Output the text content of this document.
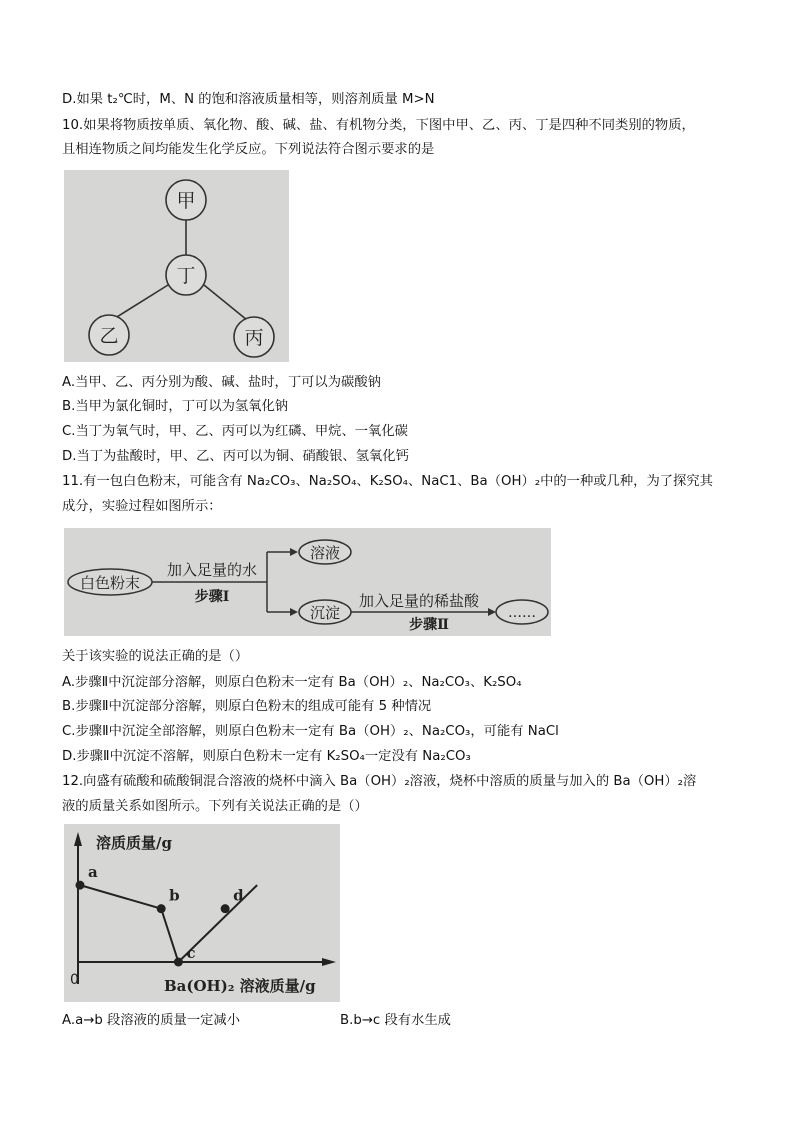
D.如果 t₂℃时，M、N 的饱和溶液质量相等，则溶剂质量 M>N
10.如果将物质按单质、氧化物、酸、碱、盐、有机物分类，下图中甲、乙、丙、丁是四种不同类别的物质，
且相连物质之间均能发生化学反应。下列说法符合图示要求的是
甲
丁
乙	丙
A.当甲、乙、丙分别为酸、碱、盐时，丁可以为碳酸钠
B.当甲为氯化铜时，丁可以为氢氧化钠
C.当丁为氧气时，甲、乙、丙可以为红磷、甲烷、一氧化碳
D.当丁为盐酸时，甲、乙、丙可以为铜、硝酸银、氢氧化钙
11.有一包白色粉末，可能含有 Na₂CO₃、Na₂SO₄、K₂SO₄、NaC1、Ba（OH）₂中的一种或几种，为了探究其
成分，实验过程如图所示：
白色粉末
加入足量的水
步骤Ⅰ
溶液
沉淀
加入足量的稀盐酸
步骤Ⅱ
……
关于该实验的说法正确的是（）
A.步骤Ⅱ中沉淀部分溶解，则原白色粉末一定有 Ba（OH）₂、Na₂CO₃、K₂SO₄
B.步骤Ⅱ中沉淀部分溶解，则原白色粉末的组成可能有 5 种情况
C.步骤Ⅱ中沉淀全部溶解，则原白色粉末一定有 Ba（OH）₂、Na₂CO₃，可能有 NaCl
D.步骤Ⅱ中沉淀不溶解，则原白色粉末一定有 K₂SO₄一定没有 Na₂CO₃
12.向盛有硫酸和硫酸铜混合溶液的烧杯中滴入 Ba（OH）₂溶液，烧杯中溶质的质量与加入的 Ba（OH）₂溶
液的质量关系如图所示。下列有关说法正确的是（）
溶质质量/g
Ba(OH)₂ 溶液质量/g
0
a
b
c
d
A.a→b 段溶液的质量一定减小	B.b→c 段有水生成
